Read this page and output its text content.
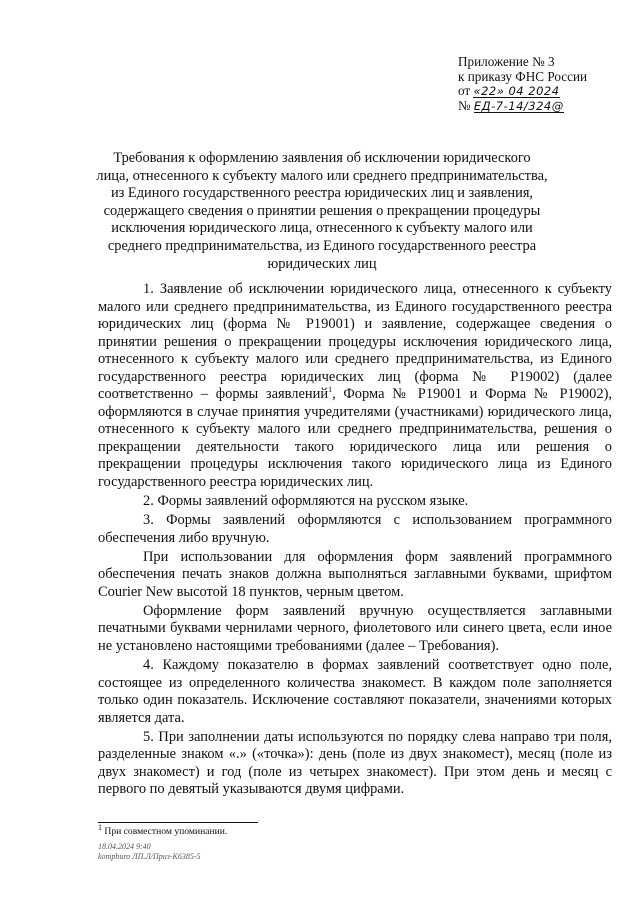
Приложение № 3
к приказу ФНС России
от «22» 04 2024
№ ЕД-7-14/324@
Требования к оформлению заявления об исключении юридического лица, отнесенного к субъекту малого или среднего предпринимательства, из Единого государственного реестра юридических лиц и заявления, содержащего сведения о принятии решения о прекращении процедуры исключения юридического лица, отнесенного к субъекту малого или среднего предпринимательства, из Единого государственного реестра юридических лиц

1. Заявление об исключении юридического лица, отнесенного к субъекту малого или среднего предпринимательства, из Единого государственного реестра юридических лиц (форма № Р19001) и заявление, содержащее сведения о принятии решения о прекращении процедуры исключения юридического лица, отнесенного к субъекту малого или среднего предпринимательства, из Единого государственного реестра юридических лиц (форма № Р19002) (далее соответственно – формы заявлений$^1$, Форма № Р19001 и Форма № Р19002), оформляются в случае принятия учредителями (участниками) юридического лица, отнесенного к субъекту малого или среднего предпринимательства, решения о прекращении деятельности такого юридического лица или решения о прекращении процедуры исключения такого юридического лица из Единого государственного реестра юридических лиц.

2. Формы заявлений оформляются на русском языке.

3. Формы заявлений оформляются с использованием программного обеспечения либо вручную.

При использовании для оформления форм заявлений программного обеспечения печать знаков должна выполняться заглавными буквами, шрифтом Courier New высотой 18 пунктов, черным цветом.

Оформление форм заявлений вручную осуществляется заглавными печатными буквами чернилами черного, фиолетового или синего цвета, если иное не установлено настоящими требованиями (далее – Требования).

4. Каждому показателю в формах заявлений соответствует одно поле, состоящее из определенного количества знакомест. В каждом поле заполняется только один показатель. Исключение составляют показатели, значениями которых является дата.

5. При заполнении даты используются по порядку слева направо три поля, разделенные знаком «.» («точка»): день (поле из двух знакомест), месяц (поле из двух знакомест) и год (поле из четырех знакомест). При этом день и месяц с первого по девятый указываются двумя цифрами.

$^1$ При совместном упоминании.
18.04.2024 9:40
kompburo ЛП.Л/Приз-К6385-5
